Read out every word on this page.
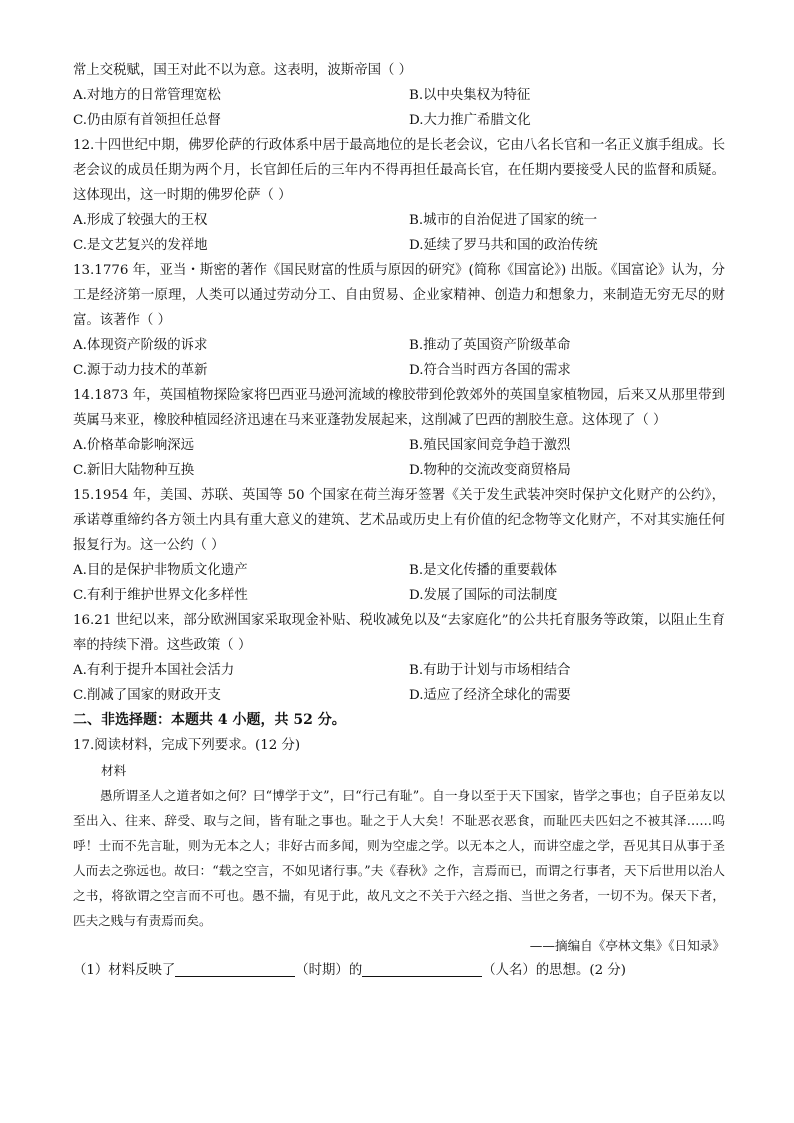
常上交税赋，国王对此不以为意。这表明，波斯帝国（ ）
A.对地方的日常管理宽松	B.以中央集权为特征
C.仍由原有首领担任总督	D.大力推广希腊文化
12.十四世纪中期，佛罗伦萨的行政体系中居于最高地位的是长老会议，它由八名长官和一名正义旗手组成。长老会议的成员任期为两个月，长官卸任后的三年内不得再担任最高长官，在任期内要接受人民的监督和质疑。这体现出，这一时期的佛罗伦萨（ ）
A.形成了较强大的王权	B.城市的自治促进了国家的统一
C.是文艺复兴的发祥地	D.延续了罗马共和国的政治传统
13.1776 年，亚当・斯密的著作《国民财富的性质与原因的研究》(简称《国富论》) 出版。《国富论》认为，分工是经济第一原理，人类可以通过劳动分工、自由贸易、企业家精神、创造力和想象力，来制造无穷无尽的财富。该著作（ ）
A.体现资产阶级的诉求	B.推动了英国资产阶级革命
C.源于动力技术的革新	D.符合当时西方各国的需求
14.1873 年，英国植物探险家将巴西亚马逊河流域的橡胶带到伦敦郊外的英国皇家植物园，后来又从那里带到英属马来亚，橡胶种植园经济迅速在马来亚蓬勃发展起来，这削减了巴西的割胶生意。这体现了（ ）
A.价格革命影响深远	B.殖民国家间竞争趋于激烈
C.新旧大陆物种互换	D.物种的交流改变商贸格局
15.1954 年，美国、苏联、英国等 50 个国家在荷兰海牙签署《关于发生武装冲突时保护文化财产的公约》，承诺尊重缔约各方领土内具有重大意义的建筑、艺术品或历史上有价值的纪念物等文化财产，不对其实施任何报复行为。这一公约（ ）
A.目的是保护非物质文化遗产	B.是文化传播的重要载体
C.有利于维护世界文化多样性	D.发展了国际的司法制度
16.21 世纪以来，部分欧洲国家采取现金补贴、税收减免以及“去家庭化”的公共托育服务等政策，以阻止生育率的持续下滑。这些政策（ ）
A.有利于提升本国社会活力	B.有助于计划与市场相结合
C.削减了国家的财政开支	D.适应了经济全球化的需要
二、非选择题：本题共 4 小题，共 52 分。
17.阅读材料，完成下列要求。(12 分)
材料
愚所谓圣人之道者如之何？曰“博学于文”，曰“行己有耻”。自一身以至于天下国家，皆学之事也；自子臣弟友以至出入、往来、辞受、取与之间，皆有耻之事也。耻之于人大矣！不耻恶衣恶食，而耻匹夫匹妇之不被其泽……呜呼！士而不先言耻，则为无本之人；非好古而多闻，则为空虚之学。以无本之人，而讲空虚之学，吾见其日从事于圣人而去之弥远也。故曰：“载之空言，不如见诸行事。”夫《春秋》之作，言焉而已，而谓之行事者，天下后世用以治人之书，将欲谓之空言而不可也。愚不揣，有见于此，故凡文之不关于六经之指、当世之务者，一切不为。保天下者，匹夫之贱与有责焉而矣。
——摘编自《亭林文集》《日知录》
（1）材料反映了	（时期）的	（人名）的思想。(2 分)
